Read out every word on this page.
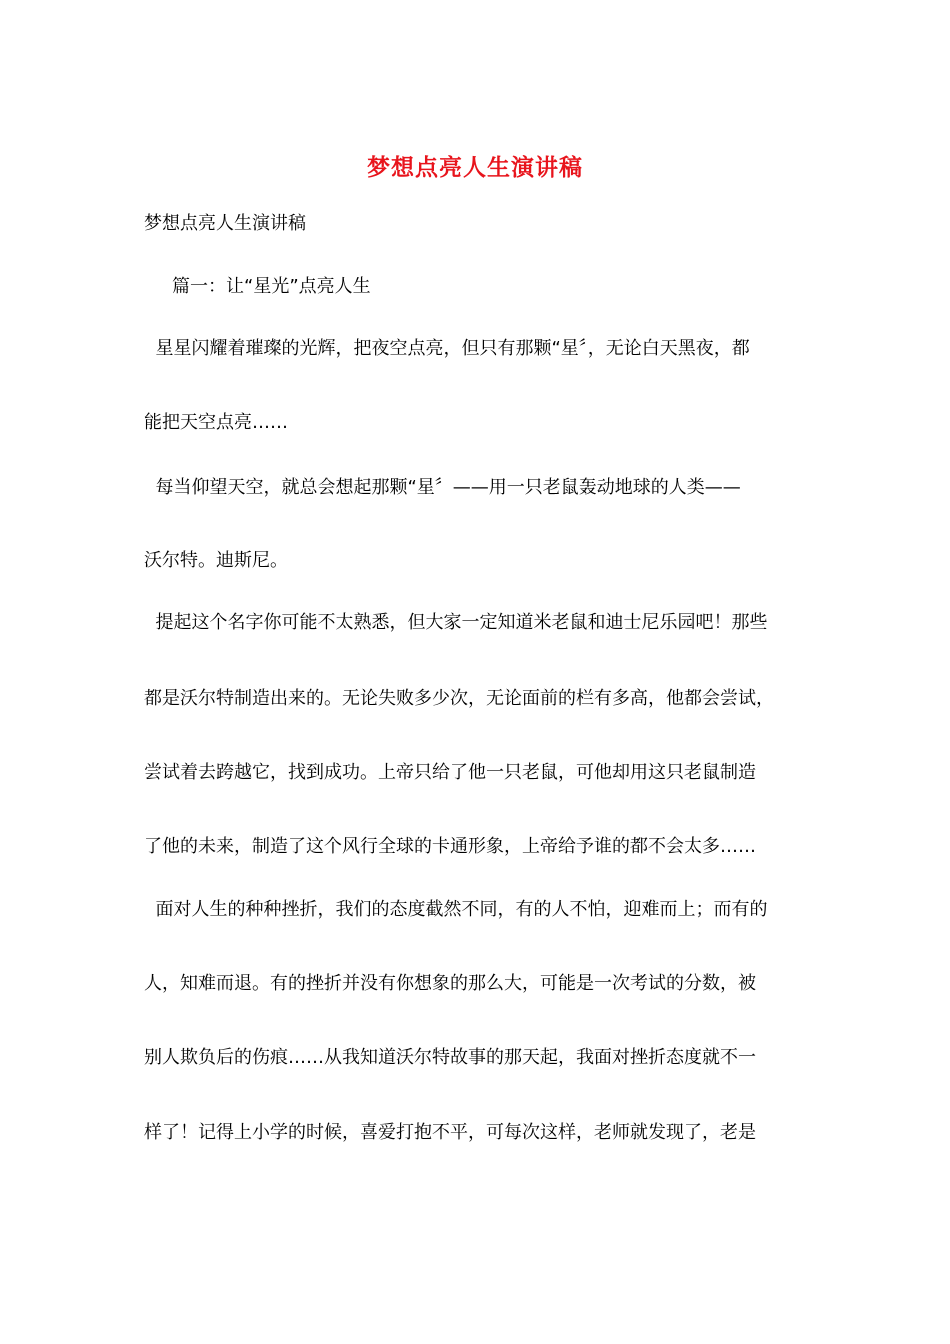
梦想点亮人生演讲稿
梦想点亮人生演讲稿
篇一：让“星光”点亮人生
星星闪耀着璀璨的光辉，把夜空点亮，但只有那颗“星〞，无论白天黑夜，都
能把天空点亮……
每当仰望天空，就总会想起那颗“星〞——用一只老鼠轰动地球的人类——
沃尔特。迪斯尼。
提起这个名字你可能不太熟悉，但大家一定知道米老鼠和迪士尼乐园吧！那些
都是沃尔特制造出来的。无论失败多少次，无论面前的栏有多高，他都会尝试，
尝试着去跨越它，找到成功。上帝只给了他一只老鼠，可他却用这只老鼠制造
了他的未来，制造了这个风行全球的卡通形象，上帝给予谁的都不会太多……
面对人生的种种挫折，我们的态度截然不同，有的人不怕，迎难而上；而有的
人，知难而退。有的挫折并没有你想象的那么大，可能是一次考试的分数，被
别人欺负后的伤痕……从我知道沃尔特故事的那天起，我面对挫折态度就不一
样了！记得上小学的时候，喜爱打抱不平，可每次这样，老师就发现了，老是
